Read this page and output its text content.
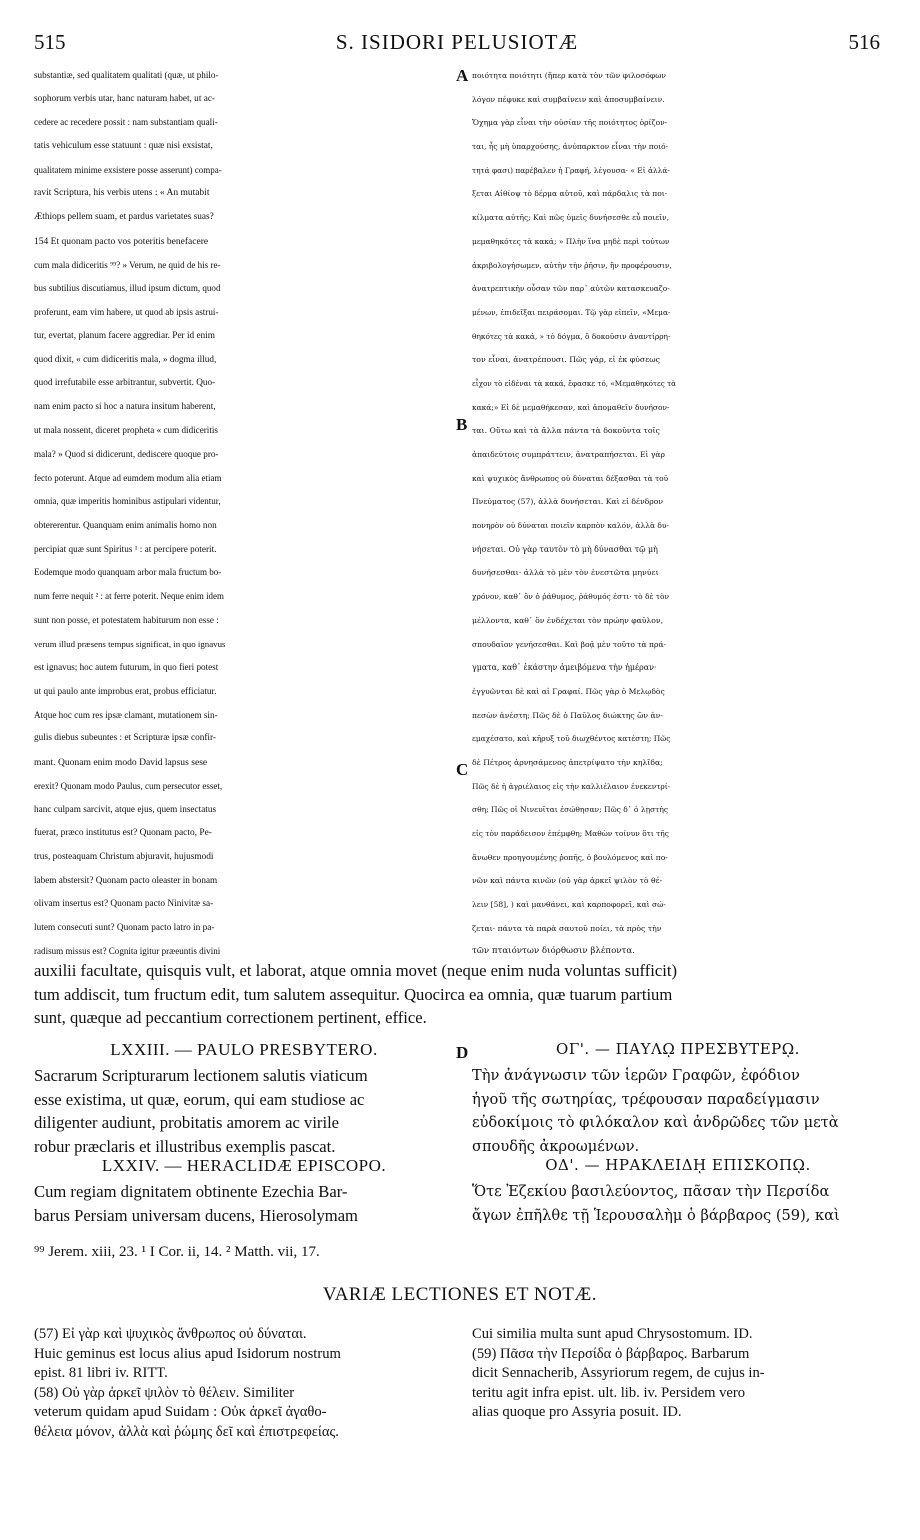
515	S. ISIDORI PELUSIOTÆ	516
substantiæ, sed qualitatem qualitati (quæ, ut philo-
sophorum verbis utar, hanc naturam habet, ut ac-
cedere ac recedere possit : nam substantiam quali-
tatis vehiculum esse statuunt : quæ nisi exsistat,
qualitatem minime exsistere posse asserunt) compa-
ravit Scriptura, his verbis utens : « An mutabit
Æthiops pellem suam, et pardus varietates suas?
154 Et quonam pacto vos poteritis benefacere
cum mala didiceritis ⁹⁹? » Verum, ne quid de his re-
bus subtilius discutiamus, illud ipsum dictum, quod
proferunt, eam vim habere, ut quod ab ipsis astrui-
tur, evertat, planum facere aggrediar. Per id enim
quod dixit, « cum didiceritis mala, » dogma illud,
quod irrefutabile esse arbitrantur, subvertit. Quo-
nam enim pacto si hoc a natura insitum haberent,
ut mala nossent, diceret propheta « cum didiceritis
mala? » Quod si didicerunt, dediscere quoque pro-
fecto poterunt. Atque ad eumdem modum alia etiam
omnia, quæ imperitis hominibus astipulari videntur,
obtererentur. Quanquam enim animalis homo non
percipiat quæ sunt Spiritus ¹ : at percipere poterit.
Eodemque modo quanquam arbor mala fructum bo-
num ferre nequit ² : at ferre poterit. Neque enim idem
sunt non posse, et potestatem habiturum non esse :
verum illud præsens tempus significat, in quo ignavus
est ignavus; hoc autem futurum, in quo fieri potest
ut qui paulo ante improbus erat, probus efficiatur.
Atque hoc cum res ipsæ clamant, mutationem sin-
gulis diebus subeuntes : et Scripturæ ipsæ confir-
mant. Quonam enim modo David lapsus sese
erexit? Quonam modo Paulus, cum persecutor esset,
hanc culpam sarcivit, atque ejus, quem insectatus
fuerat, præco institutus est? Quonam pacto, Pe-
trus, posteaquam Christum abjuravit, hujusmodi
labem abstersit? Quonam pacto oleaster in bonam
olivam insertus est? Quonam pacto Ninivitæ sa-
lutem consecuti sunt? Quonam pacto latro in pa-
radisum missus est? Cognita igitur præeuntis divini
ποιότητα ποιότητι (ἥπερ κατὰ τὸν τῶν φιλοσόφων
λόγον πέφυκε καὶ συμβαίνειν καὶ ἀποσυμβαίνειν.
Ὄχημα γὰρ εἶναι τὴν οὐσίαν τῆς ποιότητος ὁρίζον-
ται, ἧς μὴ ὑπαρχούσης, ἀνύπαρκτον εἶναι τὴν ποιό-
τητά φασι) παρέβαλεν ἡ Γραφή, λέγουσα· « Εἰ ἀλλά-
ξεται Αἰθίοψ τὸ δέρμα αὐτοῦ, καὶ πάρδαλις τὰ ποι-
κίλματα αὐτῆς; Καὶ πῶς ὑμεῖς δυνήσεσθε εὖ ποιεῖν,
μεμαθηκότες τὰ κακά; » Πλὴν ἵνα μηδὲ περὶ τούτων
ἀκριβολογήσωμεν, αὐτὴν τὴν ῥῆσιν, ἣν προφέρουσιν,
ἀνατρεπτικὴν οὖσαν τῶν παρ᾽ αὐτῶν κατασκευαζο-
μένων, ἐπιδεῖξαι πειράσομαι. Τῷ γὰρ εἰπεῖν, «Μεμα-
θηκότες τὰ κακά, » τὸ δόγμα, ὃ δοκοῦσιν ἀναντίρρη-
τον εἶναι, ἀνατρέπουσι. Πῶς γάρ, εἰ ἐκ φύσεως
εἶχον τὸ εἰδέναι τὰ κακά, ἔφασκε τό, «Μεμαθηκότες τὰ
κακά;» Εἰ δὲ μεμαθήκεσαν, καὶ ἀπομαθεῖν δυνήσον-
ται. Οὕτω καὶ τὰ ἄλλα πάντα τὰ δοκοῦντα τοῖς
ἀπαιδεύτοις συμπράττειν, ἀνατραπήσεται. Εἰ γὰρ
καὶ ψυχικὸς ἄνθρωπος οὐ δύναται δέξασθαι τὰ τοῦ
Πνεύματος (57), ἀλλὰ δυνήσεται. Καὶ εἰ δένδρον
πονηρὸν οὐ δύναται ποιεῖν καρπὸν καλόν, ἀλλὰ δυ-
νήσεται. Οὐ γὰρ ταυτὸν τὸ μὴ δύνασθαι τῷ μὴ
δυνήσεσθαι· ἀλλὰ τὸ μὲν τὸν ἐνεστῶτα μηνύει
χρόνον, καθ᾽ ὃν ὁ ῥάθυμος, ῥάθυμός ἐστι· τὸ δὲ τὸν
μέλλοντα, καθ᾽ ὃν ἐνδέχεται τὸν πρώην φαῦλον,
σπουδαῖον γενήσεσθαι. Καὶ βοᾷ μὲν τοῦτο τὰ πρά-
γματα, καθ᾽ ἑκάστην ἀμειβόμενα τὴν ἡμέραν·
ἐγγυῶνται δὲ καὶ αἱ Γραφαί. Πῶς γὰρ ὁ Μελῳδὸς
πεσὼν ἀνέστη; Πῶς δὲ ὁ Παῦλος διώκτης ὢν ἀν-
εμαχέσατο, καὶ κῆρυξ τοῦ διωχθέντος κατέστη; Πῶς
δὲ Πέτρος ἀρνησάμενος ἀπετρίψατο τὴν κηλῖδα;
Πῶς δὲ ἡ ἀγριέλαιος εἰς τὴν καλλιέλαιον ἐνεκεντρί-
σθη; Πῶς οἱ Νινευῖται ἐσώθησαν; Πῶς δ᾽ ὁ λῃστὴς
εἰς τὸν παράδεισον ἐπέμφθη; Μαθὼν τοίνυν ὅτι τῆς
ἄνωθεν προηγουμένης ῥοπῆς, ὁ βουλόμενος καὶ πο-
νῶν καὶ πάντα κινῶν (οὐ γὰρ ἀρκεῖ ψιλὸν τὸ θέ-
λειν [58], ) καὶ μανθάνει, καὶ καρποφορεῖ, καὶ σώ-
ζεται· πάντα τὰ παρὰ σαυτοῦ ποίει, τὰ πρὸς τὴν
τῶν πταιόντων διόρθωσιν βλέποντα.
A
B
C
D
auxilii facultate, quisquis vult, et laborat, atque omnia movet (neque enim nuda voluntas sufficit)
tum addiscit, tum fructum edit, tum salutem assequitur. Quocirca ea omnia, quæ tuarum partium
sunt, quæque ad peccantium correctionem pertinent, effice.
LXXIII. — PAULO PRESBYTERO.	ΟΓ'. — ΠΑΥΛῼ ΠΡΕΣΒΥΤΕΡῼ.
Sacrarum Scripturarum lectionem salutis viaticum
esse existima, ut quæ, eorum, qui eam studiose ac
diligenter audiunt, probitatis amorem ac virile
robur præclaris et illustribus exemplis pascat.
Τὴν ἀνάγνωσιν τῶν ἱερῶν Γραφῶν, ἐφόδιον
ἡγοῦ τῆς σωτηρίας, τρέφουσαν παραδείγμασιν
εὐδοκίμοις τὸ φιλόκαλον καὶ ἀνδρῶδες τῶν μετὰ
σπουδῆς ἀκροωμένων.
LXXIV. — HERACLIDÆ EPISCOPO.	ΟΔ'. — ΗΡΑΚΛΕΙΔῌ ΕΠΙΣΚΟΠῼ.
Cum regiam dignitatem obtinente Ezechia Bar-
barus Persiam universam ducens, Hierosolymam
Ὅτε Ἐζεκίου βασιλεύοντος, πᾶσαν τὴν Περσίδα
ἄγων ἐπῆλθε τῇ Ἱερουσαλὴμ ὁ βάρβαρος (59), καὶ
⁹⁹ Jerem. xiii, 23. ¹ I Cor. ii, 14. ² Matth. vii, 17.
VARIÆ LECTIONES ET NOTÆ.
(57) Εἰ γὰρ καὶ ψυχικὸς ἄνθρωπος οὐ δύναται.
Huic geminus est locus alius apud Isidorum nostrum
epist. 81 libri iv. RITT.
(58) Οὐ γὰρ ἀρκεῖ ψιλὸν τὸ θέλειν. Similiter
veterum quidam apud Suidam : Οὐκ ἀρκεῖ ἀγαθο-
θέλεια μόνον, ἀλλὰ καὶ ῥώμης δεῖ καὶ ἐπιστρεφείας.
Cui similia multa sunt apud Chrysostomum. ID.
(59) Πᾶσα τὴν Περσίδα ὁ βάρβαρος. Barbarum
dicit Sennacherib, Assyriorum regem, de cujus in-
teritu agit infra epist. ult. lib. iv. Persidem vero
alias quoque pro Assyria posuit. ID.
